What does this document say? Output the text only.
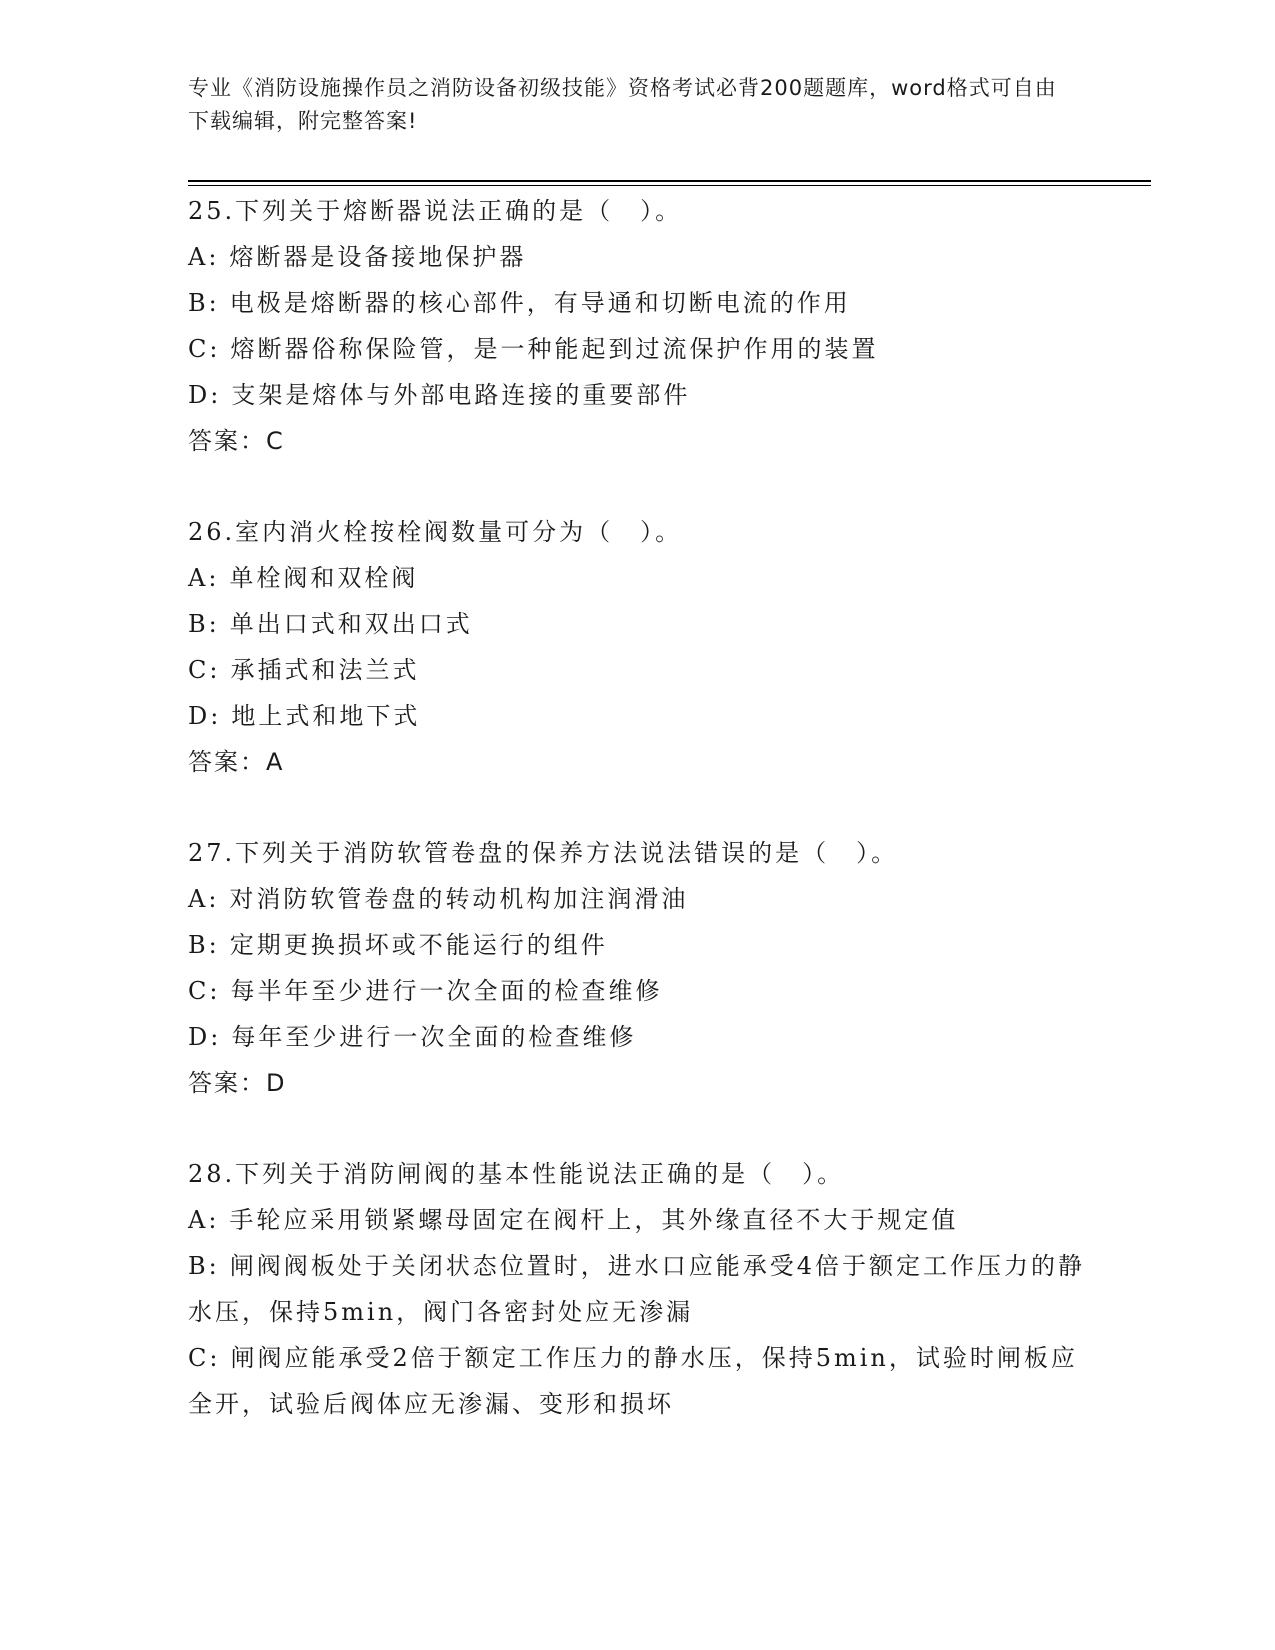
专业《消防设施操作员之消防设备初级技能》资格考试必背200题题库，word格式可自由下载编辑，附完整答案!
25.下列关于熔断器说法正确的是（　）。
A: 熔断器是设备接地保护器
B: 电极是熔断器的核心部件，有导通和切断电流的作用
C: 熔断器俗称保险管，是一种能起到过流保护作用的装置
D: 支架是熔体与外部电路连接的重要部件
答案：C
26.室内消火栓按栓阀数量可分为（　）。
A: 单栓阀和双栓阀
B: 单出口式和双出口式
C: 承插式和法兰式
D: 地上式和地下式
答案：A
27.下列关于消防软管卷盘的保养方法说法错误的是（　）。
A: 对消防软管卷盘的转动机构加注润滑油
B: 定期更换损坏或不能运行的组件
C: 每半年至少进行一次全面的检查维修
D: 每年至少进行一次全面的检查维修
答案：D
28.下列关于消防闸阀的基本性能说法正确的是（　）。
A: 手轮应采用锁紧螺母固定在阀杆上，其外缘直径不大于规定值
B: 闸阀阀板处于关闭状态位置时，进水口应能承受4倍于额定工作压力的静水压，保持5min，阀门各密封处应无渗漏
C: 闸阀应能承受2倍于额定工作压力的静水压，保持5min，试验时闸板应全开，试验后阀体应无渗漏、变形和损坏
